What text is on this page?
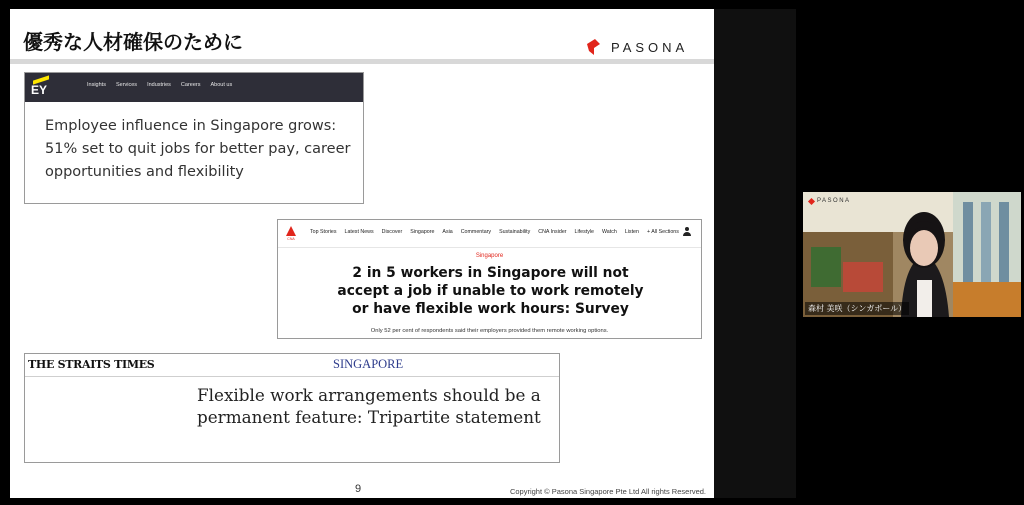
優秀な人材確保のために	PASONA
EY	Insights Services Industries Careers About us
Employee influence in Singapore grows: 51% set to quit jobs for better pay, career opportunities and flexibility
CNA
Top Stories Latest News Discover Singapore Asia Commentary Sustainability CNA Insider Lifestyle Watch Listen + All Sections
Singapore
2 in 5 workers in Singapore will not accept a job if unable to work remotely or have flexible work hours: Survey
Only 52 per cent of respondents said their employers provided them remote working options.
THE STRAITS TIMES	SINGAPORE
Flexible work arrangements should be a permanent feature: Tripartite statement
9	Copyright © Pasona Singapore Pte Ltd All rights Reserved.
PASONA
森村 美咲（シンガポール）
